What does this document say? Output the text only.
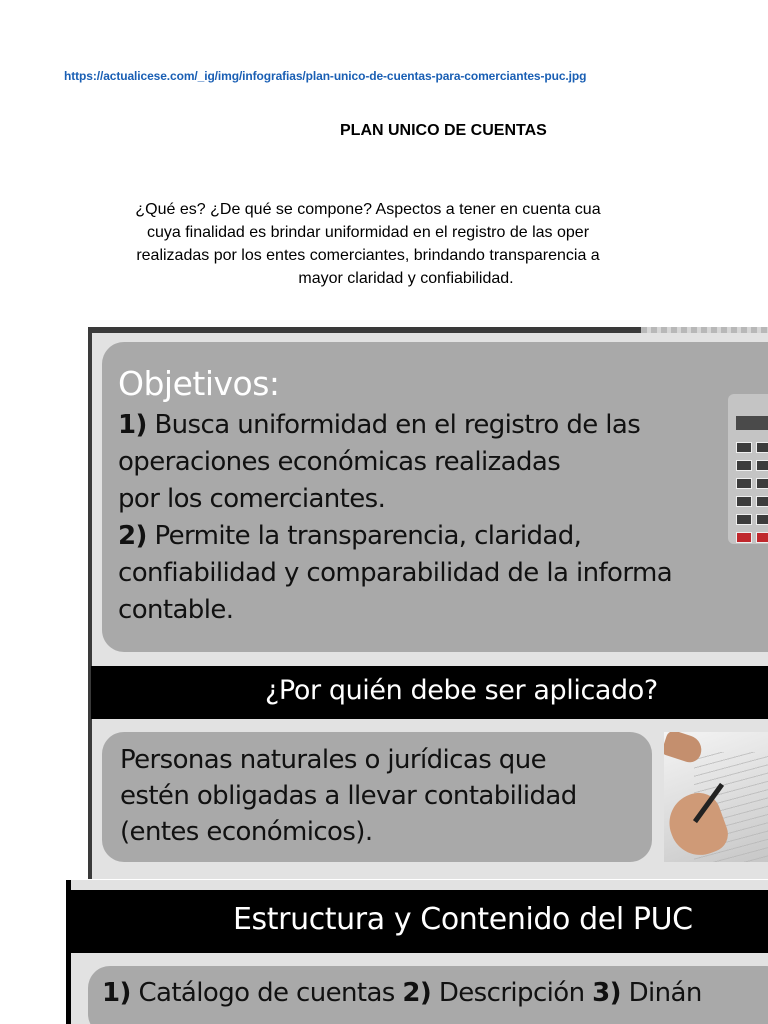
https://actualicese.com/_ig/img/infografias/plan-unico-de-cuentas-para-comerciantes-puc.jpg
PLAN UNICO DE CUENTAS
¿Qué es? ¿De qué se compone? Aspectos a tener en cuenta cua
cuya finalidad es brindar uniformidad en el registro de las oper
realizadas por los entes comerciantes, brindando transparencia a
mayor claridad y confiabilidad.
Objetivos:
1) Busca uniformidad en el registro de las
operaciones económicas realizadas
por los comerciantes.
2) Permite la transparencia, claridad,
confiabilidad y comparabilidad de la informa
contable.
¿Por quién debe ser aplicado?
Personas naturales o jurídicas que
estén obligadas a llevar contabilidad
(entes económicos).
Estructura y Contenido del PUC
1) Catálogo de cuentas 2) Descripción 3) Dinán
